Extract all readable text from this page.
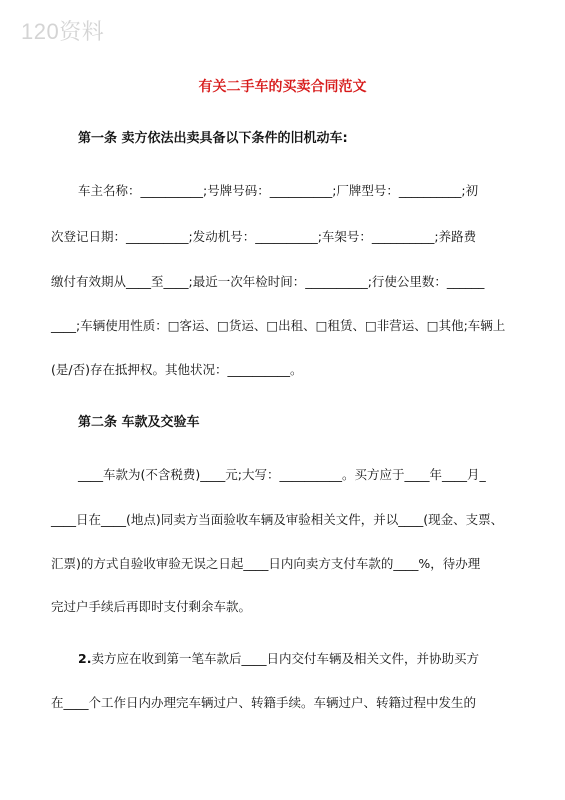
120资料
有关二手车的买卖合同范文
第一条 卖方依法出卖具备以下条件的旧机动车:

车主名称：__________;号牌号码：__________;厂牌型号：__________;初

次登记日期：__________;发动机号：__________;车架号：__________;养路费

缴付有效期从____至____;最近一次年检时间：__________;行使公里数：______

____;车辆使用性质：□客运、□货运、□出租、□租赁、□非营运、□其他;车辆上

(是/否)存在抵押权。其他状况：__________。

第二条 车款及交验车

____车款为(不含税费)____元;大写：__________。买方应于____年____月_

____日在____(地点)同卖方当面验收车辆及审验相关文件，并以____(现金、支票、

汇票)的方式自验收审验无误之日起____日内向卖方支付车款的____%，待办理

完过户手续后再即时支付剩余车款。

2.卖方应在收到第一笔车款后____日内交付车辆及相关文件，并协助买方

在____个工作日内办理完车辆过户、转籍手续。车辆过户、转籍过程中发生的
